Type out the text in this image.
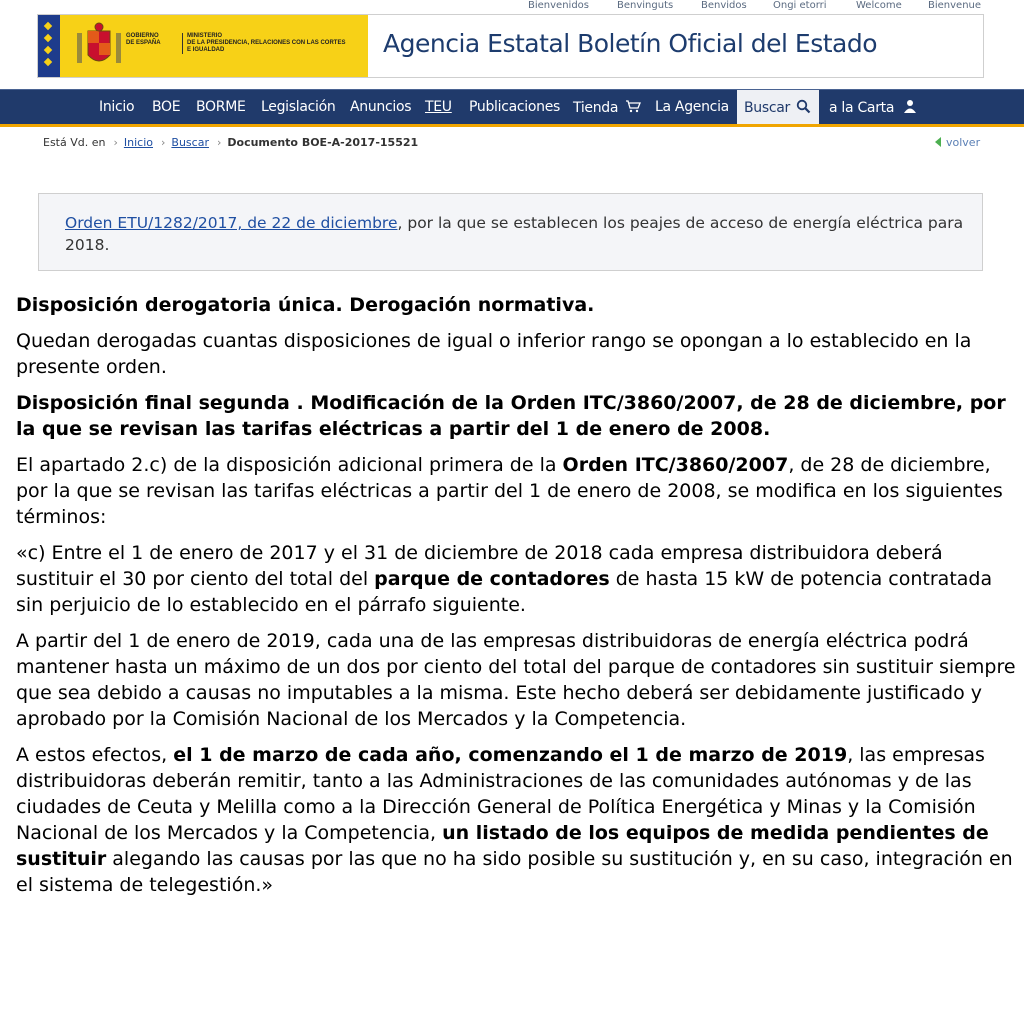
Bienvenidos	Benvinguts	Benvidos	Ongi etorri	Welcome	Bienvenue
GOBIERNO
DE ESPAÑA
MINISTERIO
DE LA PRESIDENCIA, RELACIONES CON LAS CORTES
E IGUALDAD	Agencia Estatal Boletín Oficial del Estado
Inicio BOE BORME Legislación Anuncios TEU Publicaciones Tienda	La Agencia Buscar	a la Carta
Está Vd. en › Inicio › Buscar › Documento BOE-A-2017-15521	volver

Orden ETU/1282/2017, de 22 de diciembre, por la que se establecen los peajes de acceso de energía eléctrica para 2018.

Disposición derogatoria única. Derogación normativa.

Quedan derogadas cuantas disposiciones de igual o inferior rango se opongan a lo establecido en la presente orden.

Disposición final segunda . Modificación de la Orden ITC/3860/2007, de 28 de diciembre, por la que se revisan las tarifas eléctricas a partir del 1 de enero de 2008.

El apartado 2.c) de la disposición adicional primera de la Orden ITC/3860/2007, de 28 de diciembre, por la que se revisan las tarifas eléctricas a partir del 1 de enero de 2008, se modifica en los siguientes términos:

«c) Entre el 1 de enero de 2017 y el 31 de diciembre de 2018 cada empresa distribuidora deberá sustituir el 30 por ciento del total del parque de contadores de hasta 15 kW de potencia contratada sin perjuicio de lo establecido en el párrafo siguiente.

A partir del 1 de enero de 2019, cada una de las empresas distribuidoras de energía eléctrica podrá mantener hasta un máximo de un dos por ciento del total del parque de contadores sin sustituir siempre que sea debido a causas no imputables a la misma. Este hecho deberá ser debidamente justificado y aprobado por la Comisión Nacional de los Mercados y la Competencia.

A estos efectos, el 1 de marzo de cada año, comenzando el 1 de marzo de 2019, las empresas distribuidoras deberán remitir, tanto a las Administraciones de las comunidades autónomas y de las ciudades de Ceuta y Melilla como a la Dirección General de Política Energética y Minas y la Comisión Nacional de los Mercados y la Competencia, un listado de los equipos de medida pendientes de sustituir alegando las causas por las que no ha sido posible su sustitución y, en su caso, integración en el sistema de telegestión.»
